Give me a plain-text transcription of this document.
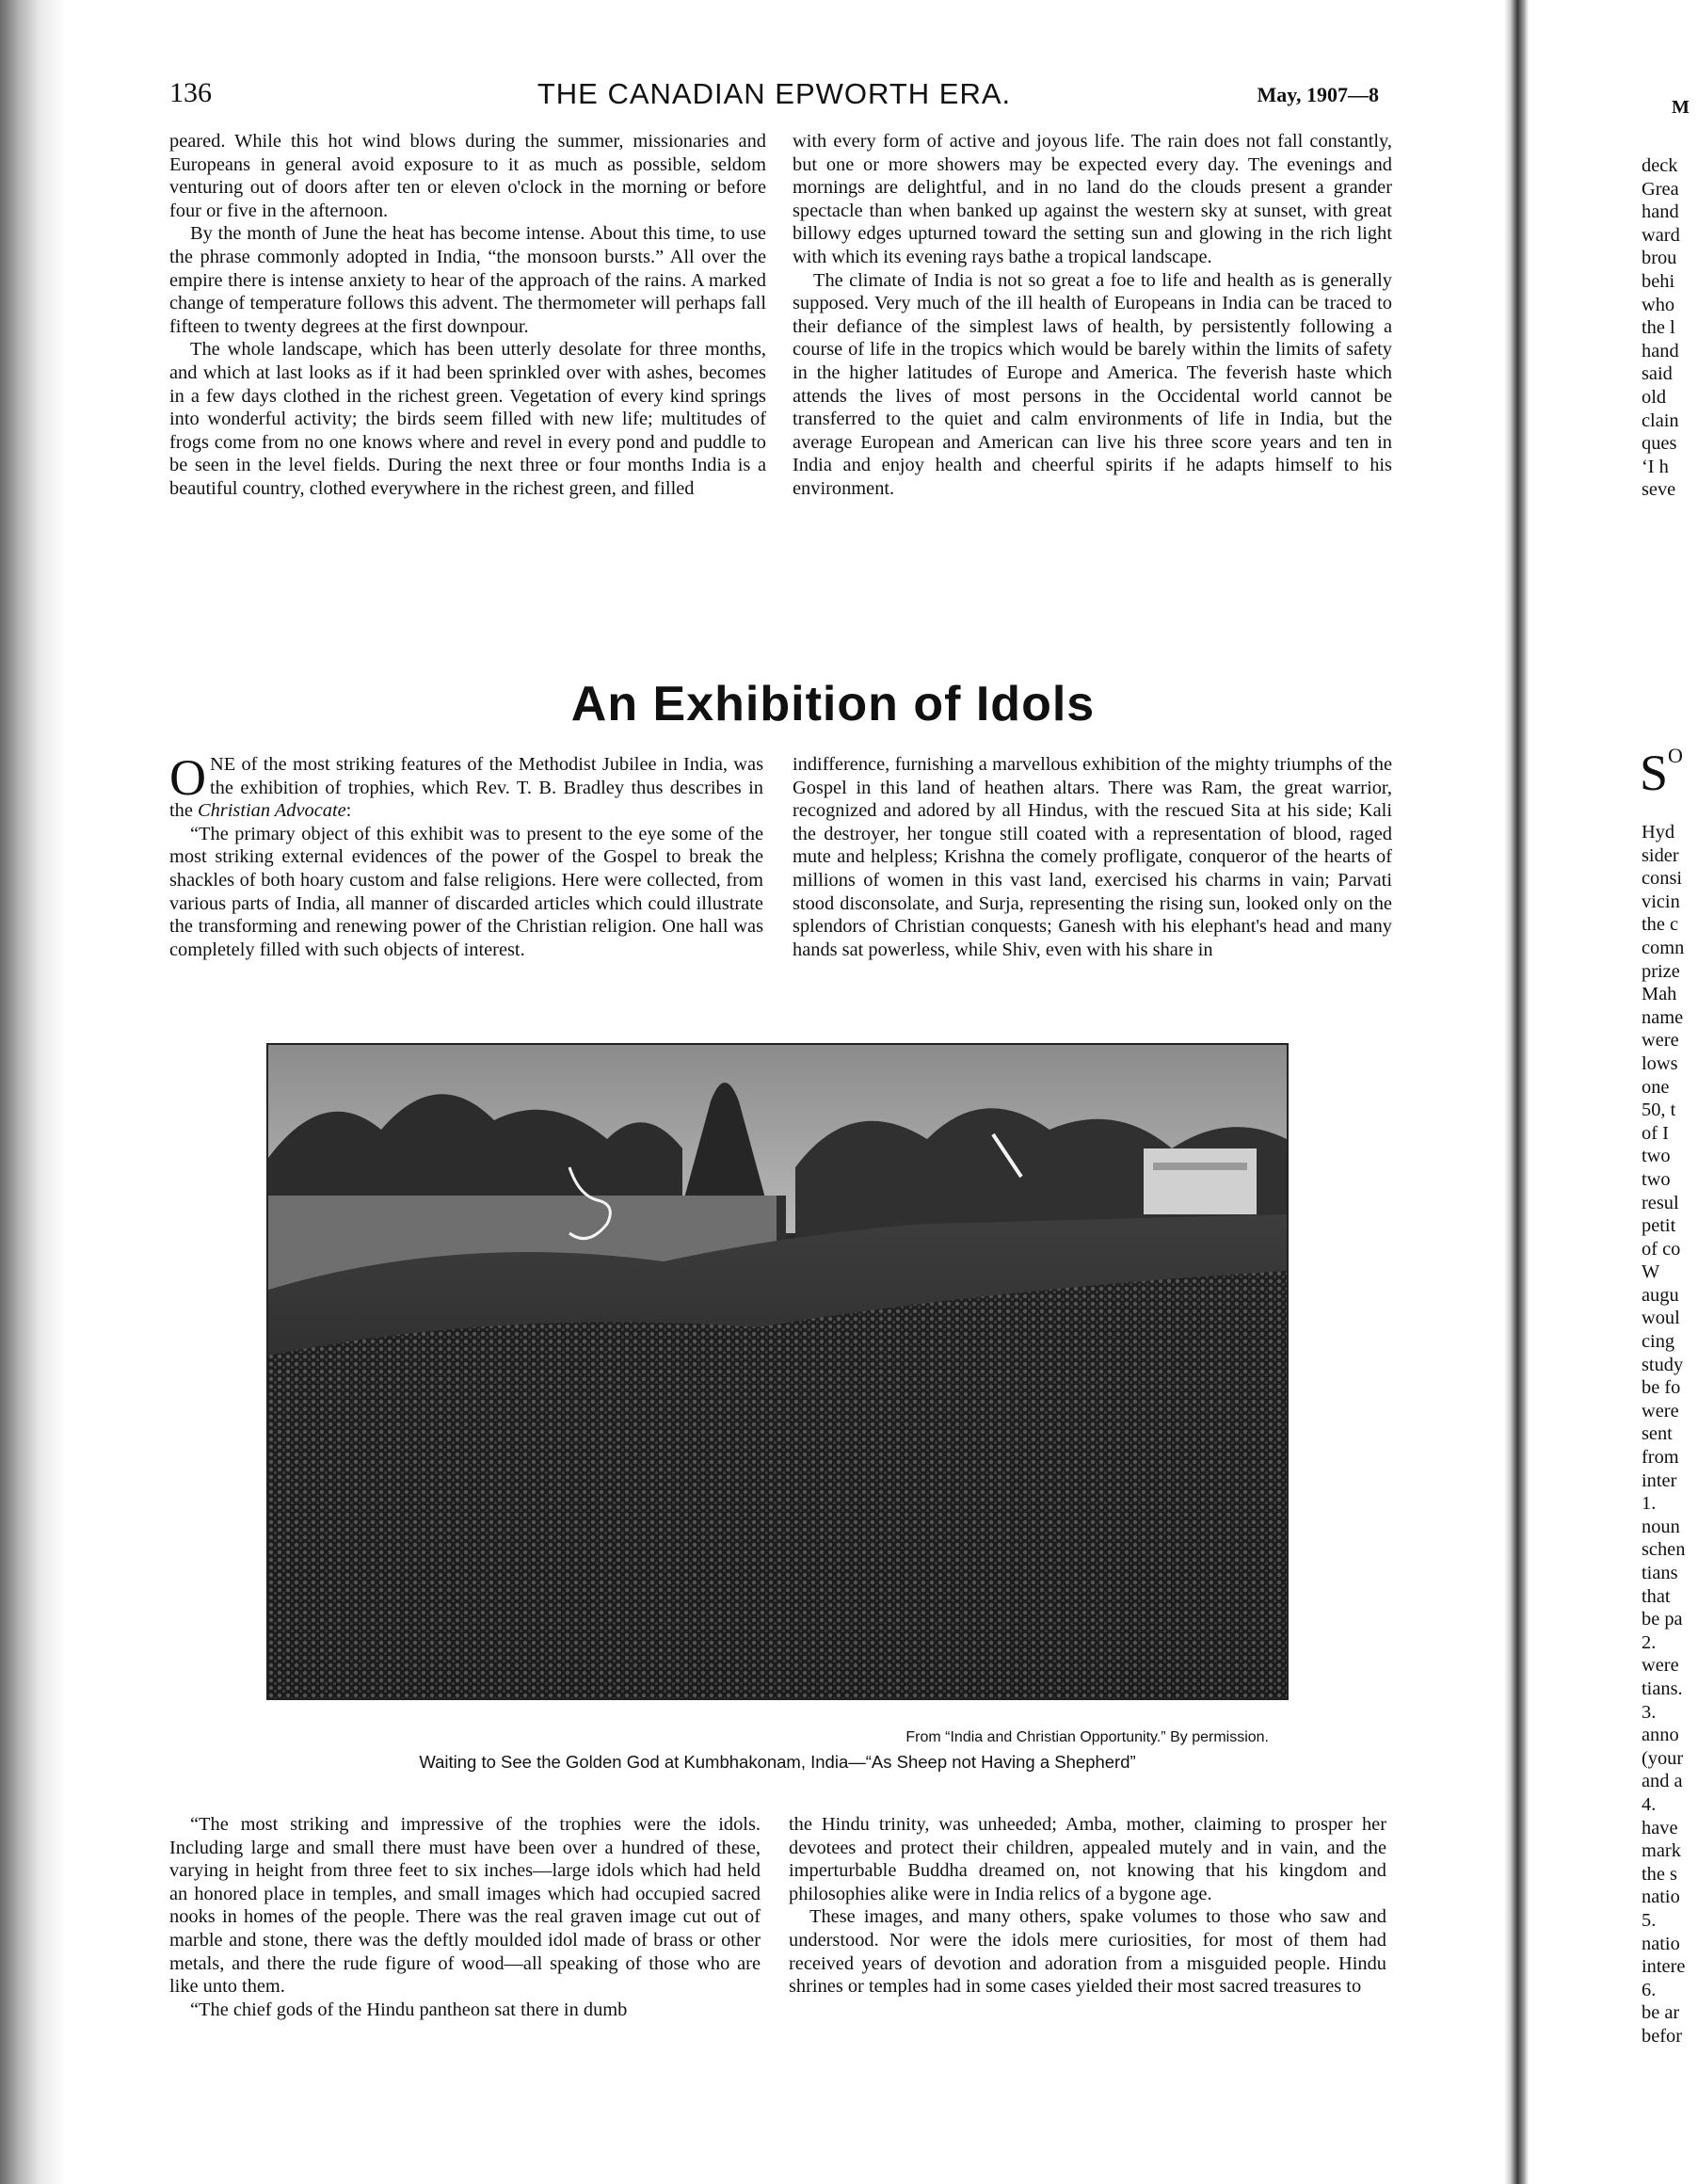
136	THE CANADIAN EPWORTH ERA.	May, 1907—8

peared. While this hot wind blows during the summer, missionaries and Europeans in general avoid exposure to it as much as possible, seldom venturing out of doors after ten or eleven o'clock in the morning or before four or five in the afternoon.

By the month of June the heat has become intense. About this time, to use the phrase commonly adopted in India, “the monsoon bursts.” All over the empire there is intense anxiety to hear of the approach of the rains. A marked change of temperature follows this advent. The thermometer will perhaps fall fifteen to twenty degrees at the first downpour.

The whole landscape, which has been utterly desolate for three months, and which at last looks as if it had been sprinkled over with ashes, becomes in a few days clothed in the richest green. Vegetation of every kind springs into wonderful activity; the birds seem filled with new life; multitudes of frogs come from no one knows where and revel in every pond and puddle to be seen in the level fields. During the next three or four months India is a beautiful country, clothed everywhere in the richest green, and filled

with every form of active and joyous life. The rain does not fall constantly, but one or more showers may be expected every day. The evenings and mornings are delightful, and in no land do the clouds present a grander spectacle than when banked up against the western sky at sunset, with great billowy edges upturned toward the setting sun and glowing in the rich light with which its evening rays bathe a tropical landscape.

The climate of India is not so great a foe to life and health as is generally supposed. Very much of the ill health of Europeans in India can be traced to their defiance of the simplest laws of health, by persistently following a course of life in the tropics which would be barely within the limits of safety in the higher latitudes of Europe and America. The feverish haste which attends the lives of most persons in the Occidental world cannot be transferred to the quiet and calm environments of life in India, but the average European and American can live his three score years and ten in India and enjoy health and cheerful spirits if he adapts himself to his environment.

An Exhibition of Idols

ONE of the most striking features of the Methodist Jubilee in India, was the exhibition of trophies, which Rev. T. B. Bradley thus describes in the Christian Advocate:

“The primary object of this exhibit was to present to the eye some of the most striking external evidences of the power of the Gospel to break the shackles of both hoary custom and false religions. Here were collected, from various parts of India, all manner of discarded articles which could illustrate the transforming and renewing power of the Christian religion. One hall was completely filled with such objects of interest.

indifference, furnishing a marvellous exhibition of the mighty triumphs of the Gospel in this land of heathen altars. There was Ram, the great warrior, recognized and adored by all Hindus, with the rescued Sita at his side; Kali the destroyer, her tongue still coated with a representation of blood, raged mute and helpless; Krishna the comely profligate, conqueror of the hearts of millions of women in this vast land, exercised his charms in vain; Parvati stood disconsolate, and Surja, representing the rising sun, looked only on the splendors of Christian conquests; Ganesh with his elephant's head and many hands sat powerless, while Shiv, even with his share in

From “India and Christian Opportunity.” By permission.
Waiting to See the Golden God at Kumbhakonam, India—“As Sheep not Having a Shepherd”

“The most striking and impressive of the trophies were the idols. Including large and small there must have been over a hundred of these, varying in height from three feet to six inches—large idols which had held an honored place in temples, and small images which had occupied sacred nooks in homes of the people. There was the real graven image cut out of marble and stone, there was the deftly moulded idol made of brass or other metals, and there the rude figure of wood—all speaking of those who are like unto them.

“The chief gods of the Hindu pantheon sat there in dumb

the Hindu trinity, was unheeded; Amba, mother, claiming to prosper her devotees and protect their children, appealed mutely and in vain, and the imperturbable Buddha dreamed on, not knowing that his kingdom and philosophies alike were in India relics of a bygone age.

These images, and many others, spake volumes to those who saw and understood. Nor were the idols mere curiosities, for most of them had received years of devotion and adoration from a misguided people. Hindu shrines or temples had in some cases yielded their most sacred treasures to

M
deck
Grea
hand
ward
brou
behi
who
the l
hand
said
old
clain
ques
‘I h
seve
$S^O$
Hyd
sider
consi
vicin
the c
comn
prize
Mah
name
were
lows
one
50, t
of I
two
two
resul
petit
of co
W
augu
woul
cing
study
be fo
were
sent
from
inter
1.
noun
schen
tians
that
be pa
2.
were
tians.
3.
anno
(your
and a
4.
have
mark
the s
natio
5.
natio
intere
6.
be ar
befor
